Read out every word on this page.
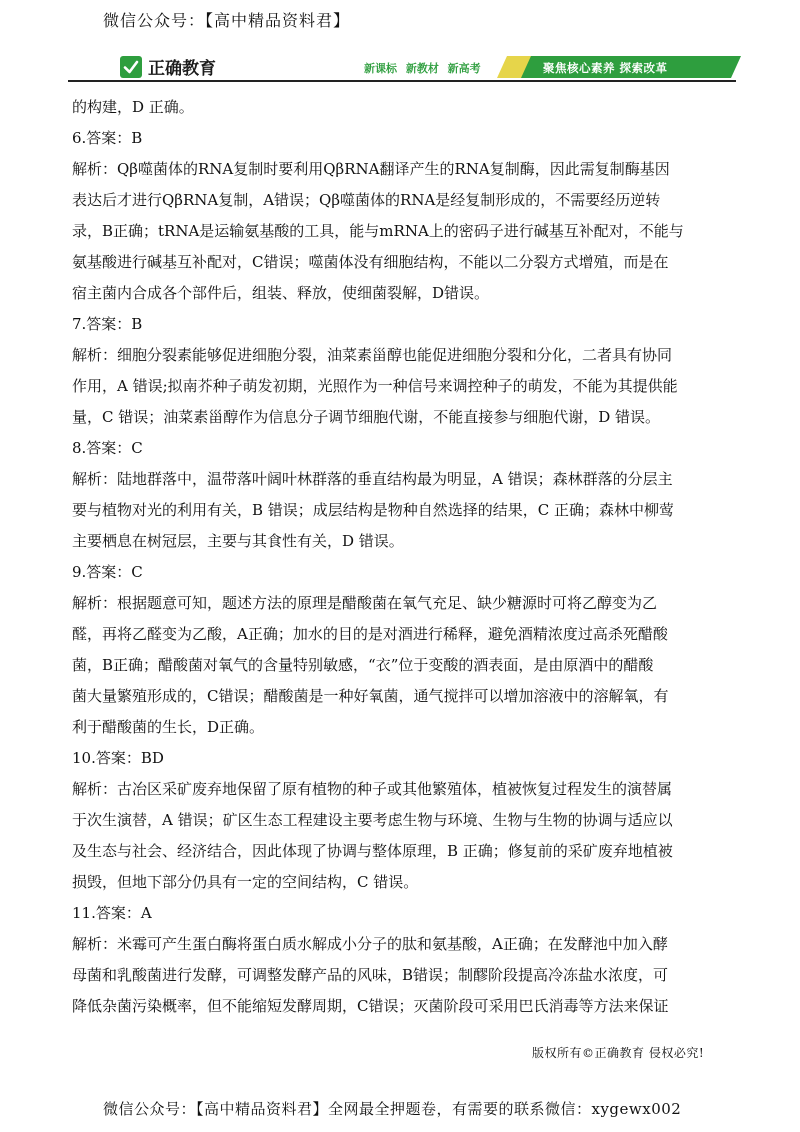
微信公众号：【高中精品资料君】
正确教育	新课标 新教材 新高考	聚焦核心素养 探索改革
的构建，D 正确。
6.答案：B
解析：Qβ噬菌体的RNA复制时要利用QβRNA翻译产生的RNA复制酶，因此需复制酶基因
表达后才进行QβRNA复制，A错误；Qβ噬菌体的RNA是经复制形成的，不需要经历逆转
录，B正确；tRNA是运输氨基酸的工具，能与mRNA上的密码子进行碱基互补配对，不能与
氨基酸进行碱基互补配对，C错误；噬菌体没有细胞结构，不能以二分裂方式增殖，而是在
宿主菌内合成各个部件后，组装、释放，使细菌裂解，D错误。
7.答案：B
解析：细胞分裂素能够促进细胞分裂，油菜素甾醇也能促进细胞分裂和分化，二者具有协同
作用，A 错误;拟南芥种子萌发初期，光照作为一种信号来调控种子的萌发，不能为其提供能
量，C 错误；油菜素甾醇作为信息分子调节细胞代谢，不能直接参与细胞代谢，D 错误。
8.答案：C
解析：陆地群落中，温带落叶阔叶林群落的垂直结构最为明显，A 错误；森林群落的分层主
要与植物对光的利用有关，B 错误；成层结构是物种自然选择的结果，C 正确；森林中柳莺
主要栖息在树冠层，主要与其食性有关，D 错误。
9.答案：C
解析：根据题意可知，题述方法的原理是醋酸菌在氧气充足、缺少糖源时可将乙醇变为乙
醛，再将乙醛变为乙酸，A正确；加水的目的是对酒进行稀释，避免酒精浓度过高杀死醋酸
菌，B正确；醋酸菌对氧气的含量特别敏感，“衣”位于变酸的酒表面，是由原酒中的醋酸
菌大量繁殖形成的，C错误；醋酸菌是一种好氧菌，通气搅拌可以增加溶液中的溶解氧，有
利于醋酸菌的生长，D正确。
10.答案：BD
解析：古冶区采矿废弃地保留了原有植物的种子或其他繁殖体，植被恢复过程发生的演替属
于次生演替，A 错误；矿区生态工程建设主要考虑生物与环境、生物与生物的协调与适应以
及生态与社会、经济结合，因此体现了协调与整体原理，B 正确；修复前的采矿废弃地植被
损毁，但地下部分仍具有一定的空间结构，C 错误。
11.答案：A
解析：米霉可产生蛋白酶将蛋白质水解成小分子的肽和氨基酸，A正确；在发酵池中加入酵
母菌和乳酸菌进行发酵，可调整发酵产品的风味，B错误；制醪阶段提高冷冻盐水浓度，可
降低杂菌污染概率，但不能缩短发酵周期，C错误；灭菌阶段可采用巴氏消毒等方法来保证
版权所有©正确教育 侵权必究!
微信公众号：【高中精品资料君】全网最全押题卷，有需要的联系微信：xygewx002
